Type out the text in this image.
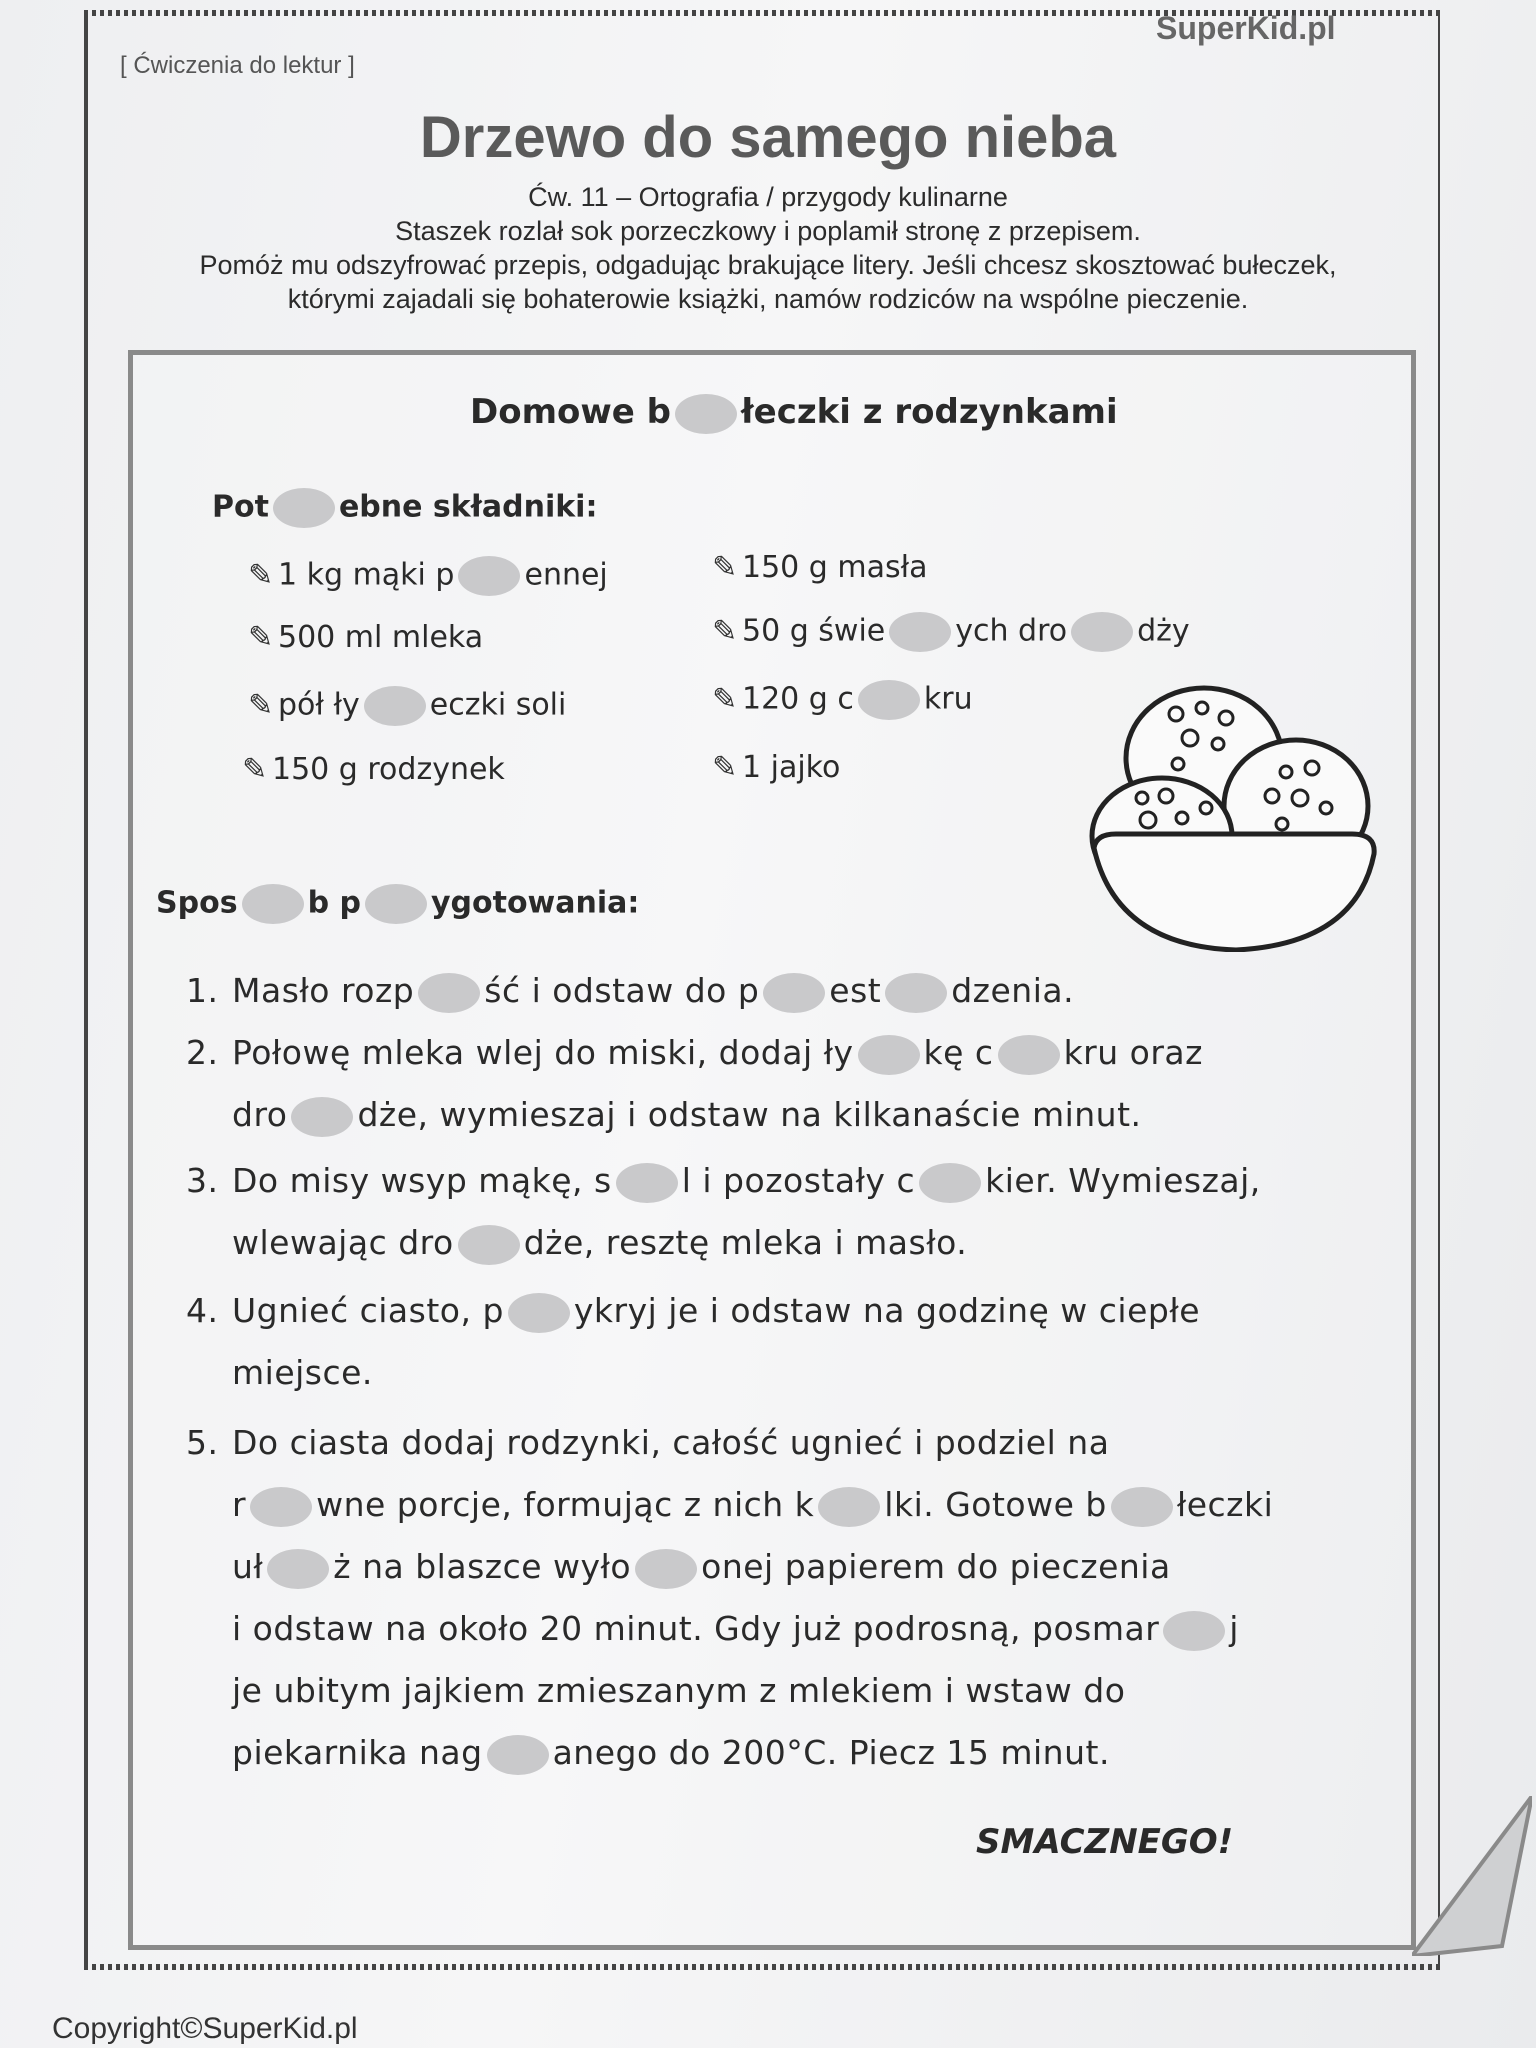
[ Ćwiczenia do lektur ]
SuperKid.pl
Drzewo do samego nieba
Ćw. 11 – Ortografia / przygody kulinarne
Staszek rozlał sok porzeczkowy i poplamił stronę z przepisem.
Pomóż mu odszyfrować przepis, odgadując brakujące litery. Jeśli chcesz skosztować bułeczek,
którymi zajadali się bohaterowie książki, namów rodziców na wspólne pieczenie.
Domowe b łeczki z rodzynkami
Pot ebne składniki:
✎ 1 kg mąki p ennej
✎ 500 ml mleka
✎ pół ły eczki soli
✎ 150 g rodzynek
✎ 150 g masła
✎ 50 g świe ych dro dży
✎ 120 g c kru
✎ 1 jajko
Spos b p ygotowania:
1. Masło rozp ść i odstaw do p est dzenia.
2. Połowę mleka wlej do miski, dodaj ły kę c kru oraz
dro dże, wymieszaj i odstaw na kilkanaście minut.
3. Do misy wsyp mąkę, s l i pozostały c kier. Wymieszaj,
wlewając dro dże, resztę mleka i masło.
4. Ugnieć ciasto, p ykryj je i odstaw na godzinę w ciepłe
miejsce.
5. Do ciasta dodaj rodzynki, całość ugnieć i podziel na
r wne porcje, formując z nich k lki. Gotowe b łeczki
uł ż na blaszce wyło onej papierem do pieczenia
i odstaw na około 20 minut. Gdy już podrosną, posmar j
je ubitym jajkiem zmieszanym z mlekiem i wstaw do
piekarnika nag anego do 200°C. Piecz 15 minut.
SMACZNEGO!
Copyright©SuperKid.pl
